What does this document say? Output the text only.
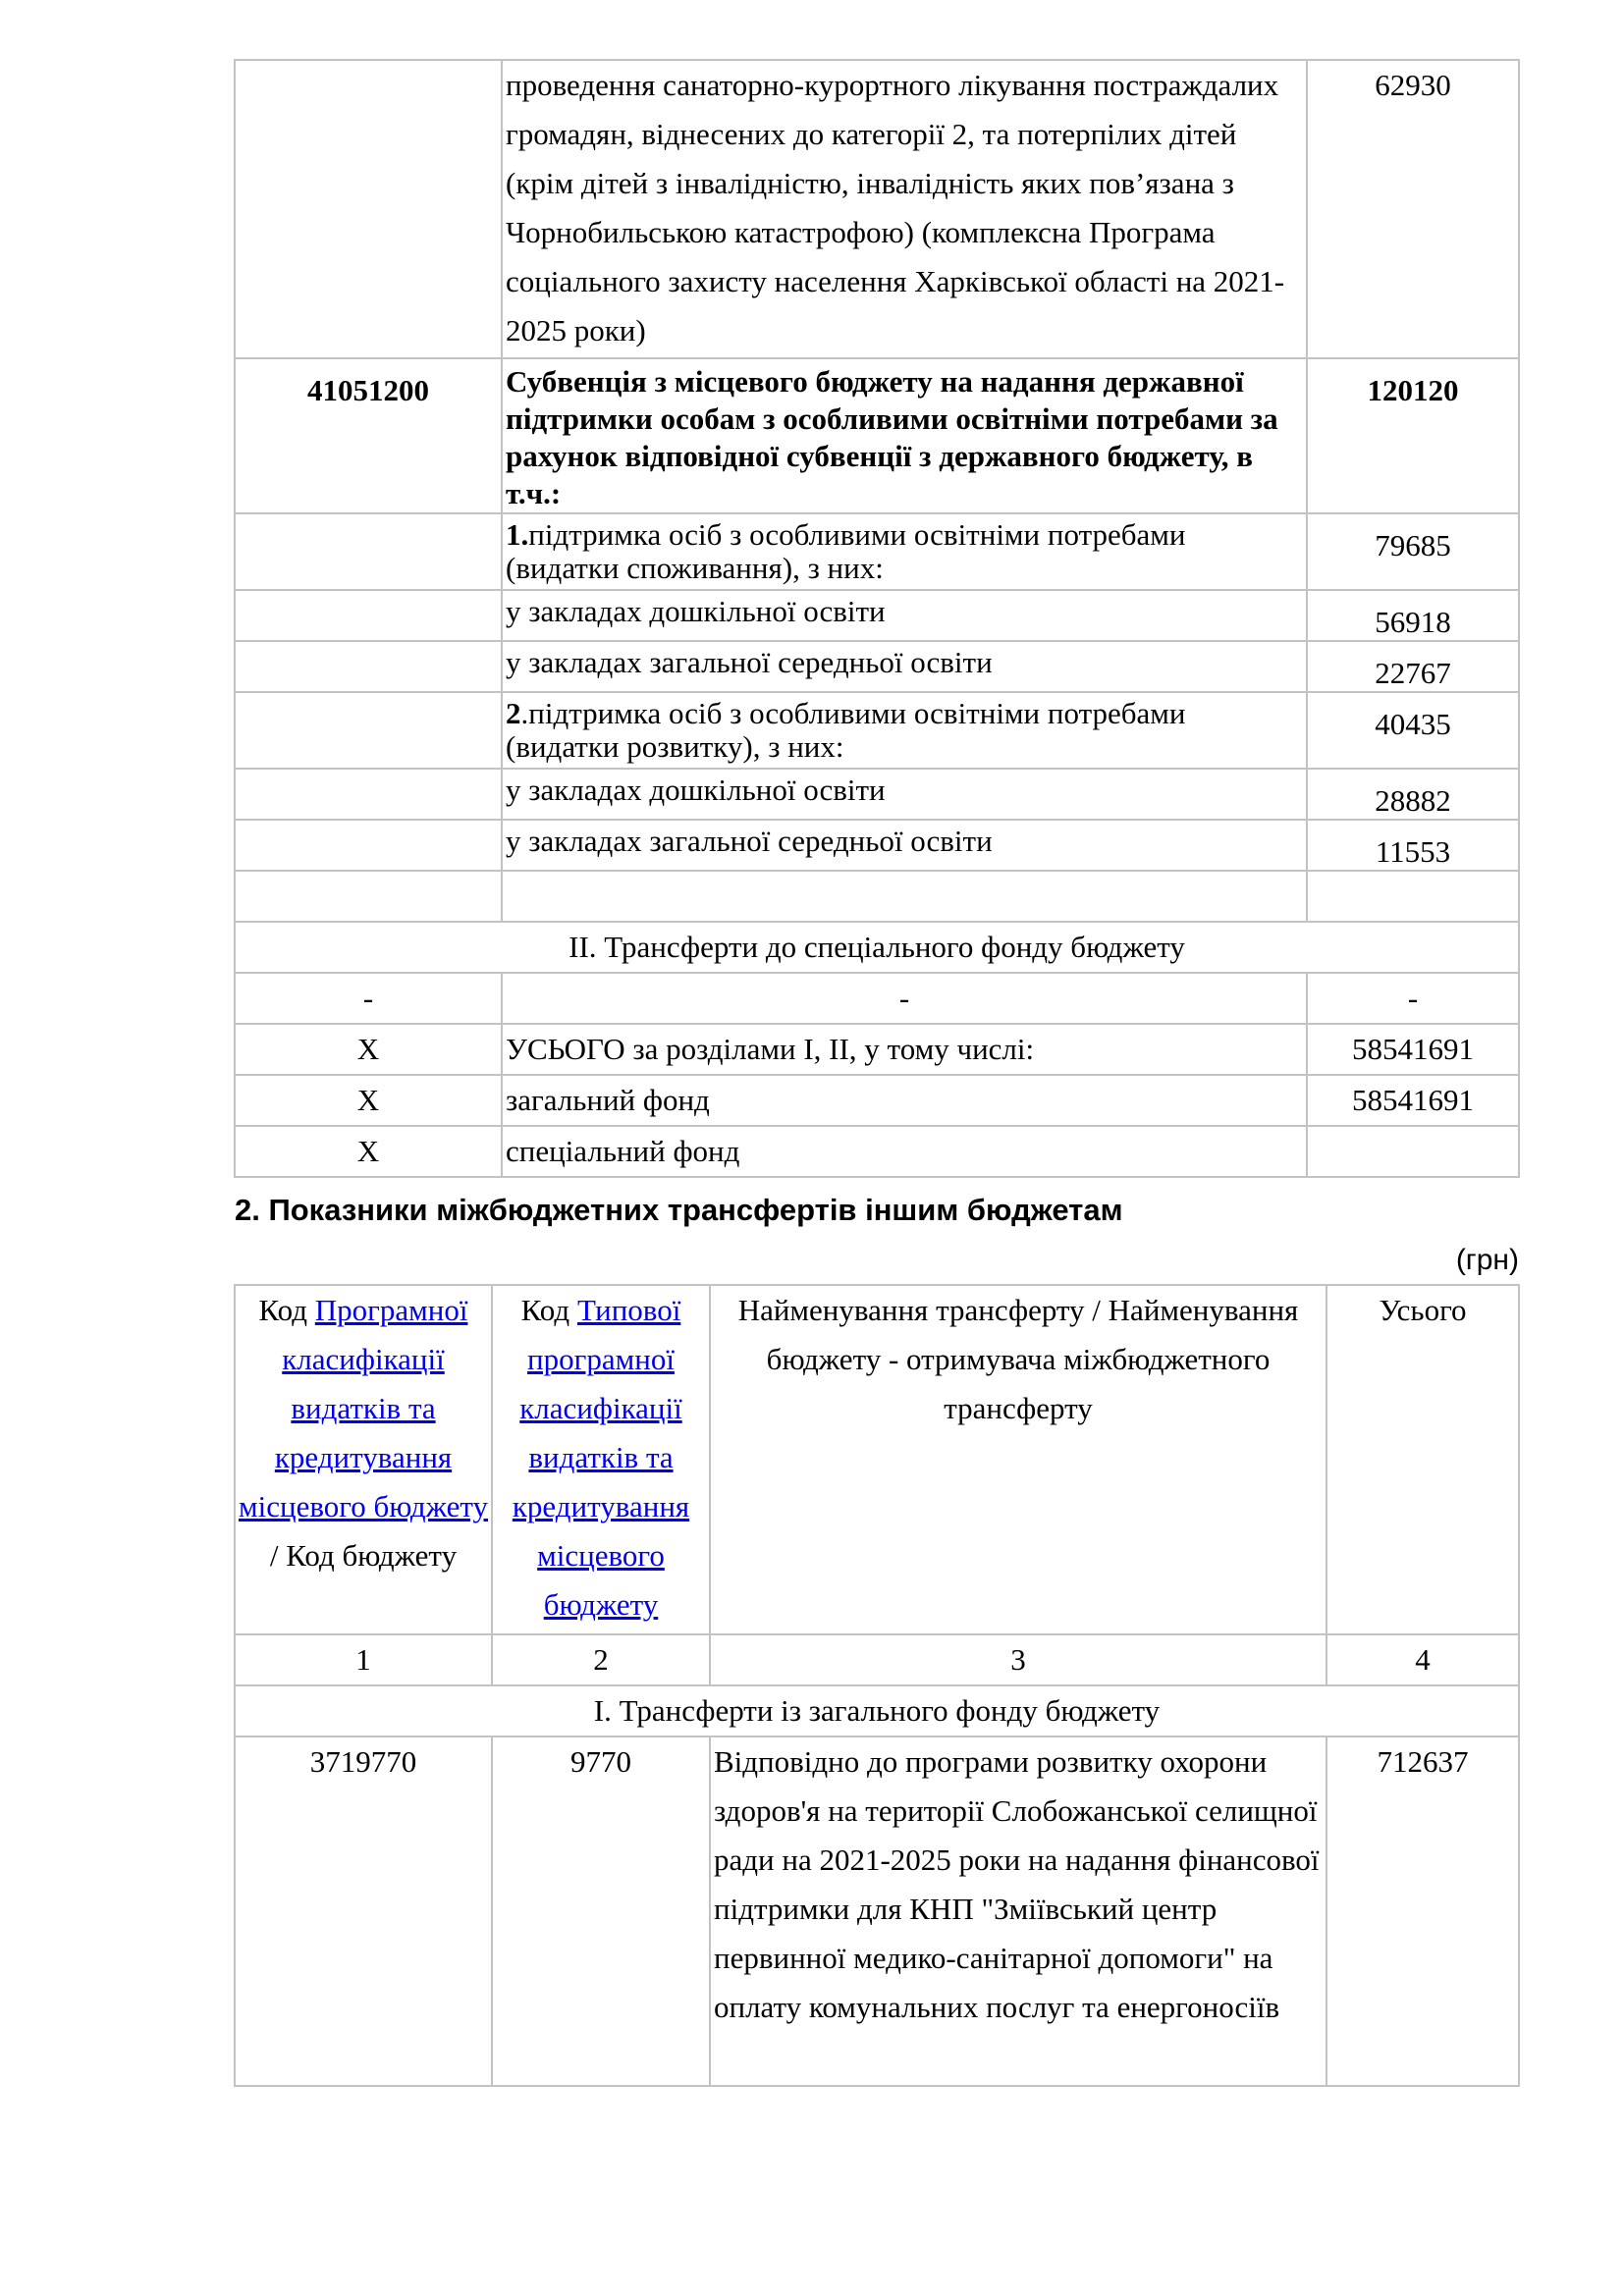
	проведення санаторно-курортного лікування постраждалих громадян, віднесених до категорії 2, та потерпілих дітей (крім дітей з інвалідністю, інвалідність яких пов’язана з Чорнобильською катастрофою) (комплексна Програма соціального захисту населення Харківської області на 2021-2025 роки)	62930
41051200	Субвенція з місцевого бюджету на надання державної підтримки особам з особливими освітніми потребами за рахунок відповідної субвенції з державного бюджету, в т.ч.:	120120
	1.підтримка осіб з особливими освітніми потребами (видатки споживання), з них:	79685
	у закладах дошкільної освіти	56918
	у закладах загальної середньої освіти	22767
	2.підтримка осіб з особливими освітніми потребами (видатки розвитку), з них:	40435
	у закладах дошкільної освіти	28882
	у закладах загальної середньої освіти	11553

ІІ. Трансферти до спеціального фонду бюджету		
-	-	-
Х	УСЬОГО за розділами І, ІІ, у тому числі:	58541691
Х	загальний фонд	58541691
Х	спеціальний фонд	
2. Показники міжбюджетних трансфертів іншим бюджетам
(грн)
Код Програмної класифікації видатків та кредитування місцевого бюджету / Код бюджету	Код Типової програмної класифікації видатків та кредитування місцевого бюджету	Найменування трансферту / Найменування бюджету - отримувача міжбюджетного трансферту	Усього
1	2	3	4
І. Трансферти із загального фонду бюджету			
3719770	9770	Відповідно до програми розвитку охорони здоров'я на території Слобожанської селищної ради на 2021-2025 роки на надання фінансової підтримки для КНП "Зміївський центр первинної медико-санітарної допомоги" на оплату комунальних послуг та енергоносіїв	712637
